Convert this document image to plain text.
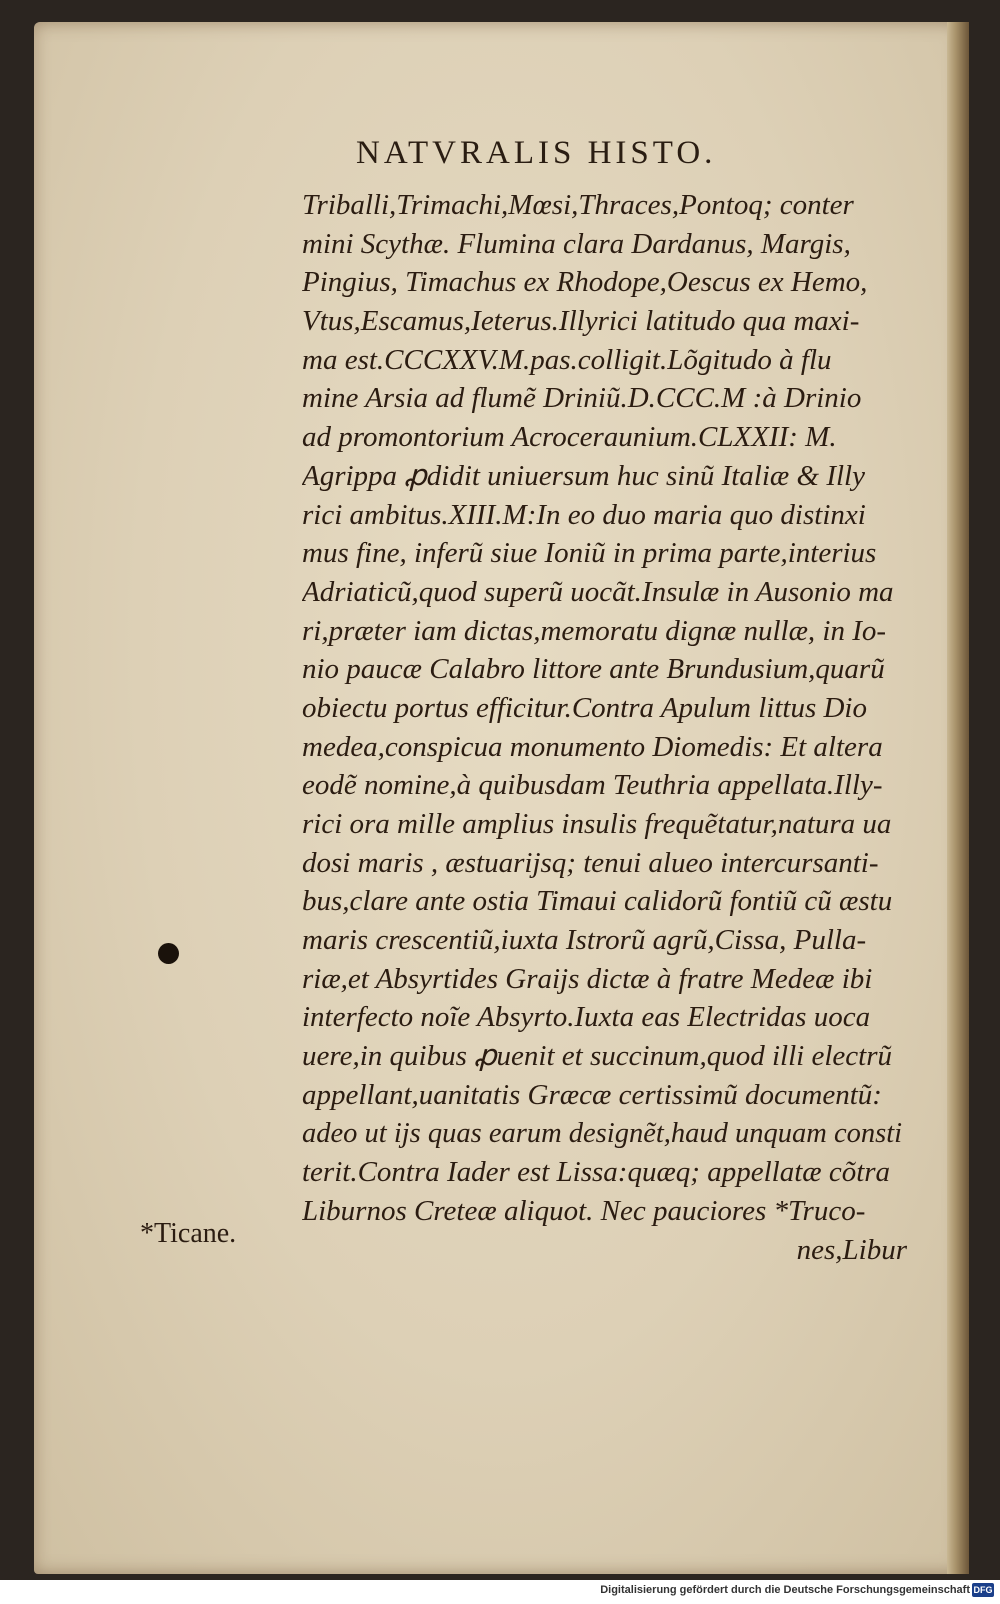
NATVRALIS HISTO.
Triballi,Trimachi,Mœsi,Thraces,Pontoq; conter
mini Scythæ. Flumina clara Dardanus, Margis,
Pingius, Timachus ex Rhodope,Oescus ex Hemo,
Vtus,Escamus,Ieterus.Illyrici latitudo qua maxi-
ma est.CCCXXV.M.pas.colligit.Lõgitudo à flu
mine Arsia ad flumẽ Driniũ.D.CCC.M :à Drinio
ad promontorium Acroceraunium.CLXXII: M.
Agrippa ꝓdidit uniuersum huc sinũ Italiæ & Illy
rici ambitus.XIII.M:In eo duo maria quo distinxi
mus fine, inferũ siue Ioniũ in prima parte,interius
Adriaticũ,quod superũ uocãt.Insulæ in Ausonio ma
ri,præter iam dictas,memoratu dignæ nullæ, in Io-
nio paucæ Calabro littore ante Brundusium,quarũ
obiectu portus efficitur.Contra Apulum littus Dio
medea,conspicua monumento Diomedis: Et altera
eodẽ nomine,à quibusdam Teuthria appellata.Illy-
rici ora mille amplius insulis frequẽtatur,natura ua
dosi maris , æstuarijsq; tenui alueo intercursanti-
bus,clare ante ostia Timaui calidorũ fontiũ cũ æstu
maris crescentiũ,iuxta Istrorũ agrũ,Cissa, Pulla-
riæ,et Absyrtides Graijs dictæ à fratre Medeæ ibi
interfecto noĩe Absyrto.Iuxta eas Electridas uoca
uere,in quibus ꝓuenit et succinum,quod illi electrũ
appellant,uanitatis Græcæ certissimũ documentũ:
adeo ut ijs quas earum designẽt,haud unquam consti
terit.Contra Iader est Lissa:quæq; appellatæ cõtra
Liburnos Creteæ aliquot. Nec pauciores *Truco-
nes,Libur
*Ticane.
Digitalisierung gefördert durch die Deutsche Forschungsgemeinschaft DFG
